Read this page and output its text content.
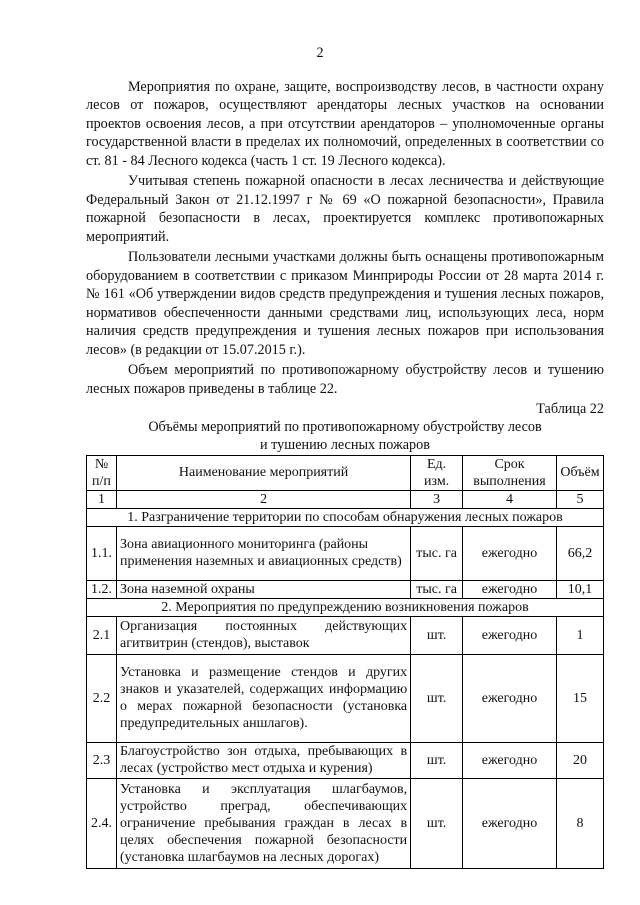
2

Мероприятия по охране, защите, воспроизводству лесов, в частности охрану лесов от пожаров, осуществляют арендаторы лесных участков на основании проектов освоения лесов, а при отсутствии арендаторов – уполномоченные органы государственной власти в пределах их полномочий, определенных в соответствии со ст. 81 - 84 Лесного кодекса (часть 1 ст. 19 Лесного кодекса).

Учитывая степень пожарной опасности в лесах лесничества и действующие Федеральный Закон от 21.12.1997 г № 69 «О пожарной безопасности», Правила пожарной безопасности в лесах, проектируется комплекс противопожарных мероприятий.

Пользователи лесными участками должны быть оснащены противопожарным оборудованием в соответствии с приказом Минприроды России от 28 марта 2014 г. № 161 «Об утверждении видов средств предупреждения и тушения лесных пожаров, нормативов обеспеченности данными средствами лиц, использующих леса, норм наличия средств предупреждения и тушения лесных пожаров при использования лесов» (в редакции от 15.07.2015 г.).

Объем мероприятий по противопожарному обустройству лесов и тушению лесных пожаров приведены в таблице 22.

Таблица 22
Объёмы мероприятий по противопожарному обустройству лесов
и тушению лесных пожаров
№ п/п	Наименование мероприятий	Ед. изм.	Срок выполнения	Объём
1	2	3	4	5
1. Разграничение территории по способам обнаружения лесных пожаров				
1.1.	Зона авиационного мониторинга (районы применения наземных и авиационных средств)	тыс. га	ежегодно	66,2
1.2.	Зона наземной охраны	тыс. га	ежегодно	10,1
2. Мероприятия по предупреждению возникновения пожаров				
2.1	Организация постоянных действующих агитвитрин (стендов), выставок	шт.	ежегодно	1
2.2	Установка и размещение стендов и других знаков и указателей, содержащих информацию о мерах пожарной безопасности (установка предупредительных аншлагов).	шт.	ежегодно	15
2.3	Благоустройство зон отдыха, пребывающих в лесах (устройство мест отдыха и курения)	шт.	ежегодно	20
2.4.	Установка и эксплуатация шлагбаумов, устройство преград, обеспечивающих ограничение пребывания граждан в лесах в целях обеспечения пожарной безопасности (установка шлагбаумов на лесных дорогах)	шт.	ежегодно	8
